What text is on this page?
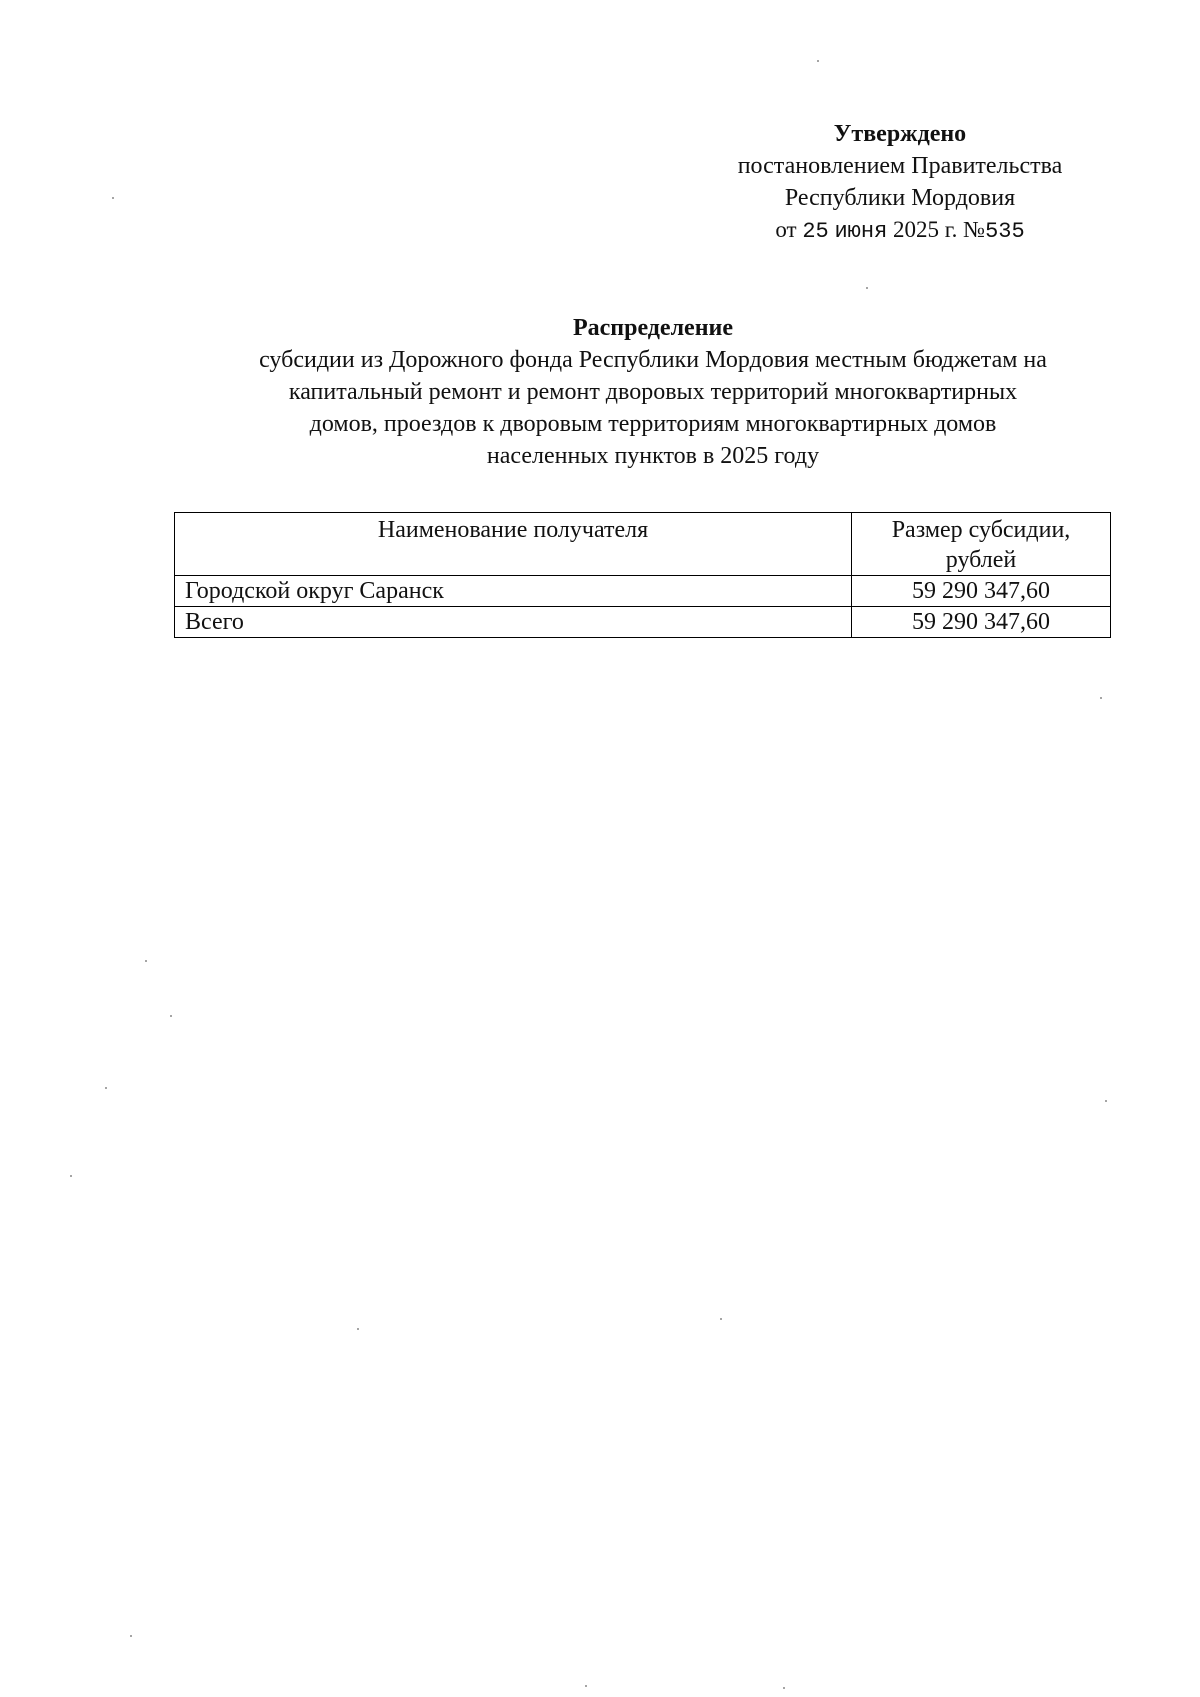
Утверждено
постановлением Правительства
Республики Мордовия
от 25 июня 2025 г. №535
Распределение
субсидии из Дорожного фонда Республики Мордовия местным бюджетам на
капитальный ремонт и ремонт дворовых территорий многоквартирных
домов, проездов к дворовым территориям многоквартирных домов
населенных пунктов в 2025 году
Наименование получателя	Размер субсидии,
рублей

Городской округ Саранск	59 290 347,60
Всего	59 290 347,60
